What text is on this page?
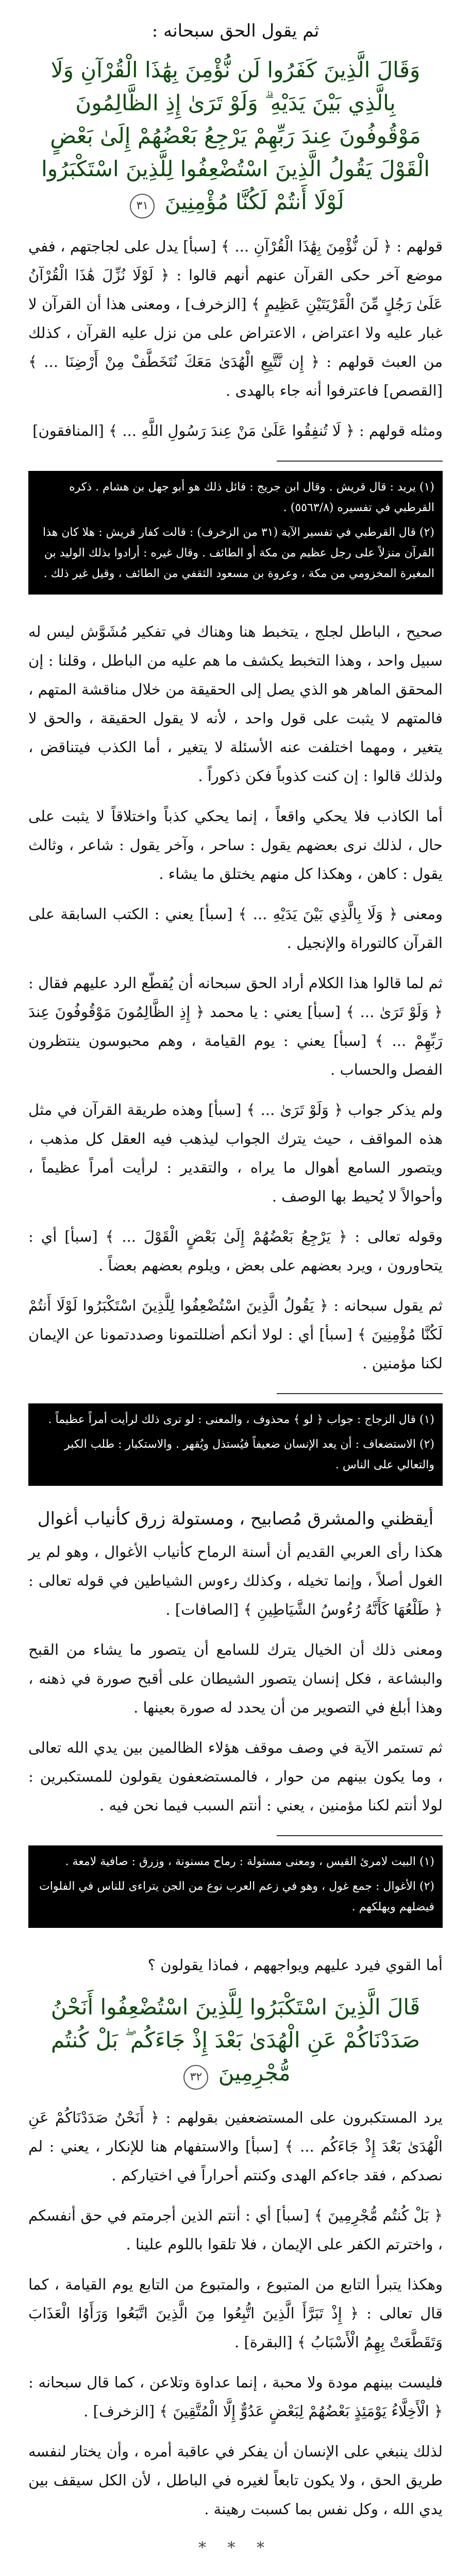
ثم يقول الحق سبحانه :
وَقَالَ الَّذِينَ كَفَرُوا لَن نُّؤْمِنَ بِهَٰذَا الْقُرْآنِ وَلَا بِالَّذِي بَيْنَ يَدَيْهِ ۗ وَلَوْ تَرَىٰ إِذِ الظَّالِمُونَ مَوْقُوفُونَ عِندَ رَبِّهِمْ يَرْجِعُ بَعْضُهُمْ إِلَىٰ بَعْضٍ الْقَوْلَ يَقُولُ الَّذِينَ اسْتُضْعِفُوا لِلَّذِينَ اسْتَكْبَرُوا لَوْلَا أَنتُمْ لَكُنَّا مُؤْمِنِينَ ٣١

قولهم : ﴿ لَن نُّؤْمِنَ بِهَٰذَا الْقُرْآنِ ... ﴾ [سبأ] يدل على لجاجتهم ، ففي موضع آخر حكى القرآن عنهم أنهم قالوا : ﴿ لَوْلَا نُزِّلَ هَٰذَا الْقُرْآنُ عَلَىٰ رَجُلٍ مِّنَ الْقَرْيَتَيْنِ عَظِيمٍ ﴾ [الزخرف] ، ومعنى هذا أن القرآن لا غبار عليه ولا اعتراض ، الاعتراض على من نزل عليه القرآن ، كذلك من العبث قولهم : ﴿ إِن نَّتَّبِعِ الْهُدَىٰ مَعَكَ نُتَخَطَّفْ مِنْ أَرْضِنَا ... ﴾ [القصص] فاعترفوا أنه جاء بالهدى .

ومثله قولهم : ﴿ لَا تُنفِقُوا عَلَىٰ مَنْ عِندَ رَسُولِ اللَّهِ ... ﴾ [المنافقون]

(١) يريد : قال قريش . وقال ابن جريج : قائل ذلك هو أبو جهل بن هشام . ذكره القرطبي في تفسيره (٥٥٦٣/٨) .
(٢) قال القرطبي في تفسير الآية (٣١ من الزخرف) : قالت كفار قريش : هلا كان هذا القرآن منزلاً على رجل عظيم من مكة أو الطائف . وقال غيره : أرادوا بذلك الوليد بن المغيرة المخزومي من مكة ، وعروة بن مسعود الثقفي من الطائف ، وقيل غير ذلك .

صحيح ، الباطل لجلج ، يتخبط هنا وهناك في تفكير مُشَوَّش ليس له سبيل واحد ، وهذا التخبط يكشف ما هم عليه من الباطل ، وقلنا : إن المحقق الماهر هو الذي يصل إلى الحقيقة من خلال مناقشة المتهم ، فالمتهم لا يثبت على قول واحد ، لأنه لا يقول الحقيقة ، والحق لا يتغير ، ومهما اختلفت عنه الأسئلة لا يتغير ، أما الكذب فيتناقض ، ولذلك قالوا : إن كنت كذوباً فكن ذكوراً .

أما الكاذب فلا يحكي واقعاً ، إنما يحكي كذباً واختلاقاً لا يثبت على حال ، لذلك نرى بعضهم يقول : ساحر ، وآخر يقول : شاعر ، وثالث يقول : كاهن ، وهكذا كل منهم يختلق ما يشاء .

ومعنى ﴿ وَلَا بِالَّذِي بَيْنَ يَدَيْهِ ... ﴾ [سبأ] يعني : الكتب السابقة على القرآن كالتوراة والإنجيل .

ثم لما قالوا هذا الكلام أراد الحق سبحانه أن يُقطّع الرد عليهم فقال : ﴿ وَلَوْ تَرَىٰ ... ﴾ [سبأ] يعني : يا محمد ﴿ إِذِ الظَّالِمُونَ مَوْقُوفُونَ عِندَ رَبِّهِمْ ... ﴾ [سبأ] يعني : يوم القيامة ، وهم محبوسون ينتظرون الفصل والحساب .

ولم يذكر جواب ﴿ وَلَوْ تَرَىٰ ... ﴾ [سبأ] وهذه طريقة القرآن في مثل هذه المواقف ، حيث يترك الجواب ليذهب فيه العقل كل مذهب ، ويتصور السامع أهوال ما يراه ، والتقدير : لرأيت أمراً عظيماً ، وأحوالاً لا يُحيط بها الوصف .

وقوله تعالى : ﴿ يَرْجِعُ بَعْضُهُمْ إِلَىٰ بَعْضٍ الْقَوْلَ ... ﴾ [سبأ] أي : يتحاورون ، ويرد بعضهم على بعض ، ويلوم بعضهم بعضاً .

ثم يقول سبحانه : ﴿ يَقُولُ الَّذِينَ اسْتُضْعِفُوا لِلَّذِينَ اسْتَكْبَرُوا لَوْلَا أَنتُمْ لَكُنَّا مُؤْمِنِينَ ﴾ [سبأ] أي : لولا أنكم أضللتمونا وصددتمونا عن الإيمان لكنا مؤمنين .

(١) قال الزجاج : جواب ﴿ لو ﴾ محذوف ، والمعنى : لو ترى ذلك لرأيت أمراً عظيماً .
(٢) الاستضعاف : أن يعد الإنسان ضعيفاً فيُستذل ويُقهر . والاستكبار : طلب الكبر والتعالي على الناس .
أيقظني والمشرق مُصابيح ، ومستولة زرق كأنياب أغوال

هكذا رأى العربي القديم أن أسنة الرماح كأنياب الأغوال ، وهو لم ير الغول أصلاً ، وإنما تخيله ، وكذلك رءوس الشياطين في قوله تعالى : ﴿ طَلْعُهَا كَأَنَّهُ رُءُوسُ الشَّيَاطِينِ ﴾ [الصافات] .

ومعنى ذلك أن الخيال يترك للسامع أن يتصور ما يشاء من القبح والبشاعة ، فكل إنسان يتصور الشيطان على أقبح صورة في ذهنه ، وهذا أبلغ في التصوير من أن يحدد له صورة بعينها .

ثم تستمر الآية في وصف موقف هؤلاء الظالمين بين يدي الله تعالى ، وما يكون بينهم من حوار ، فالمستضعفون يقولون للمستكبرين : لولا أنتم لكنا مؤمنين ، يعني : أنتم السبب فيما نحن فيه .

(١) البيت لامرئ القيس ، ومعنى مستولة : رماح مسنونة ، وزرق : صافية لامعة .
(٢) الأغوال : جمع غول ، وهو في زعم العرب نوع من الجن يتراءى للناس في الفلوات فيضلهم ويهلكهم .

أما القوي فيرد عليهم ويواجههم ، فماذا يقولون ؟

قَالَ الَّذِينَ اسْتَكْبَرُوا لِلَّذِينَ اسْتُضْعِفُوا أَنَحْنُ صَدَدْنَاكُمْ عَنِ الْهُدَىٰ بَعْدَ إِذْ جَاءَكُم ۖ بَلْ كُنتُم مُّجْرِمِينَ ٣٢

يرد المستكبرون على المستضعفين بقولهم : ﴿ أَنَحْنُ صَدَدْنَاكُمْ عَنِ الْهُدَىٰ بَعْدَ إِذْ جَاءَكُم ... ﴾ [سبأ] والاستفهام هنا للإنكار ، يعني : لم نصدكم ، فقد جاءكم الهدى وكنتم أحراراً في اختياركم .

﴿ بَلْ كُنتُم مُّجْرِمِينَ ﴾ [سبأ] أي : أنتم الذين أجرمتم في حق أنفسكم ، واخترتم الكفر على الإيمان ، فلا تلقوا باللوم علينا .

وهكذا يتبرأ التابع من المتبوع ، والمتبوع من التابع يوم القيامة ، كما قال تعالى : ﴿ إِذْ تَبَرَّأَ الَّذِينَ اتُّبِعُوا مِنَ الَّذِينَ اتَّبَعُوا وَرَأَوُا الْعَذَابَ وَتَقَطَّعَتْ بِهِمُ الْأَسْبَابُ ﴾ [البقرة] .

فليست بينهم مودة ولا محبة ، إنما عداوة وتلاعن ، كما قال سبحانه : ﴿ الْأَخِلَّاءُ يَوْمَئِذٍ بَعْضُهُمْ لِبَعْضٍ عَدُوٌّ إِلَّا الْمُتَّقِينَ ﴾ [الزخرف] .

لذلك ينبغي على الإنسان أن يفكر في عاقبة أمره ، وأن يختار لنفسه طريق الحق ، ولا يكون تابعاً لغيره في الباطل ، لأن الكل سيقف بين يدي الله ، وكل نفس بما كسبت رهينة .

* * *
